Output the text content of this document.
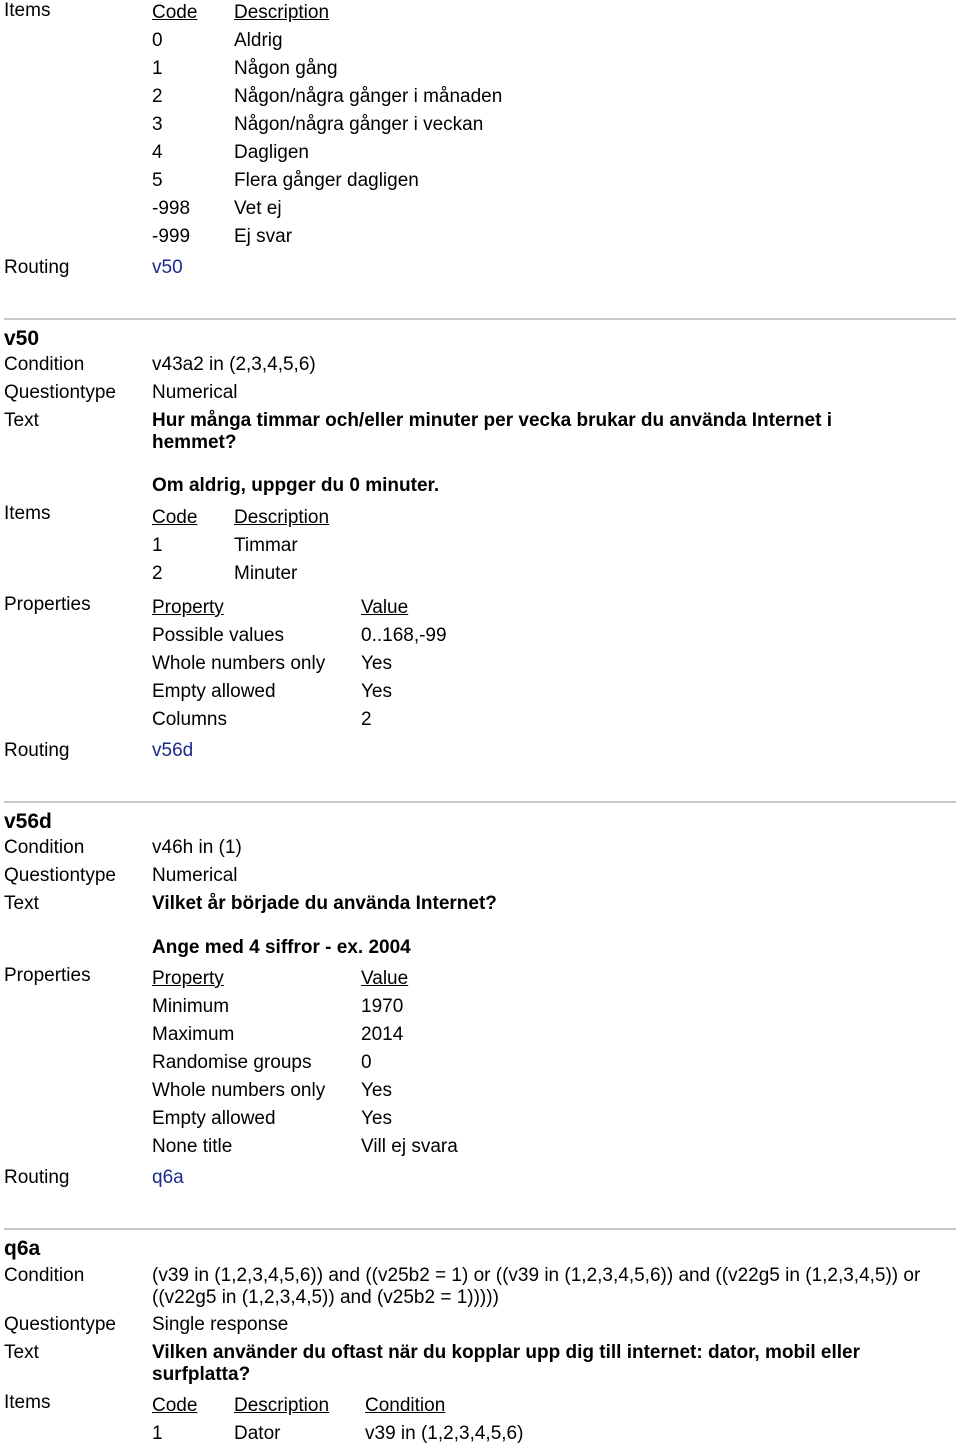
Items	Code Description
0	Aldrig
1	Någon gång
2	Någon/några gånger i månaden
3	Någon/några gånger i veckan
4	Dagligen
5	Flera gånger dagligen
-998 Vet ej
-999 Ej svar
Routing	v50
v50
Condition	v43a2 in (2,3,4,5,6)
Questiontype Numerical
Text	Hur många timmar och/eller minuter per vecka brukar du använda Internet i hemmet?
Om aldrig, uppger du 0 minuter.
Items	Code Description
1	Timmar
2	Minuter
Properties	Property	Value
Possible values	0..168,-99
Whole numbers only Yes
Empty allowed	Yes
Columns	2
Routing	v56d
v56d
Condition	v46h in (1)
Questiontype Numerical
Text	Vilket år började du använda Internet?
Ange med 4 siffror - ex. 2004
Properties	Property	Value
Minimum	1970
Maximum	2014
Randomise groups	0
Whole numbers only Yes
Empty allowed	Yes
None title	Vill ej svara
Routing	q6a
q6a
Condition	(v39 in (1,2,3,4,5,6)) and ((v25b2 = 1) or ((v39 in (1,2,3,4,5,6)) and ((v22g5 in (1,2,3,4,5)) or ((v22g5 in (1,2,3,4,5)) and (v25b2 = 1)))))
Questiontype Single response
Text	Vilken använder du oftast när du kopplar upp dig till internet: dator, mobil eller surfplatta?
Items	Code Description Condition
1	Dator	v39 in (1,2,3,4,5,6)
